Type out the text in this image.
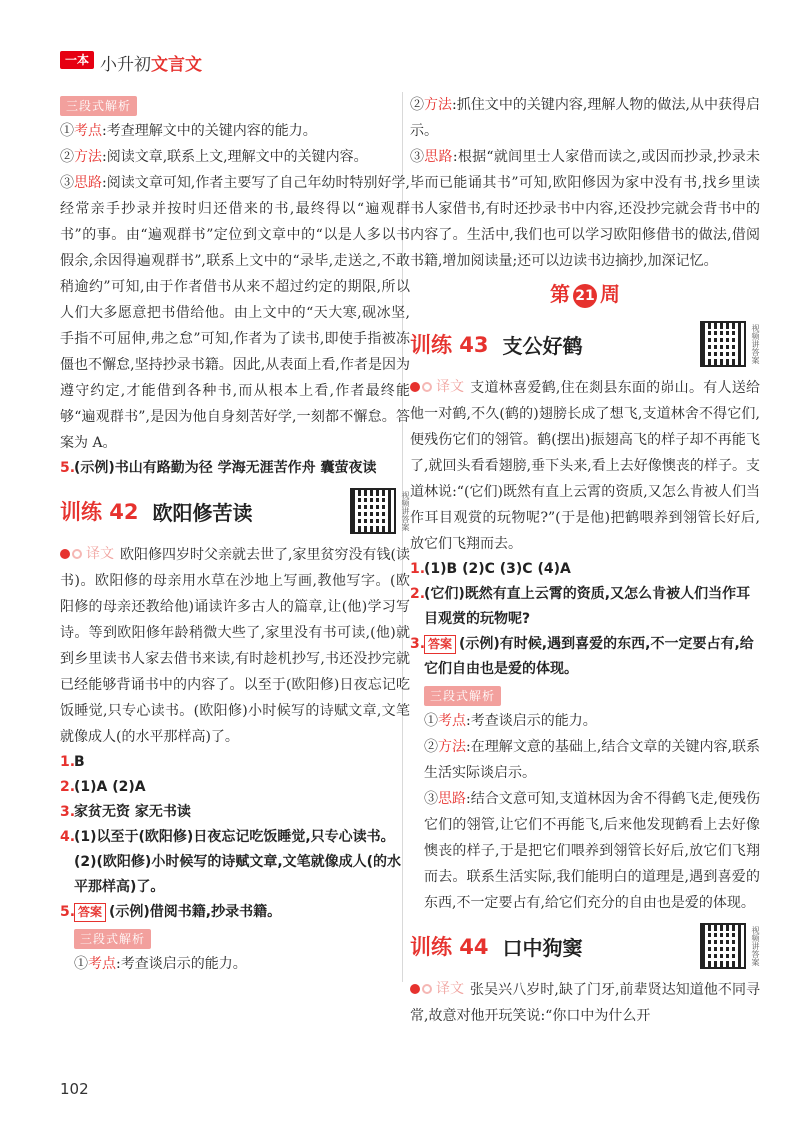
一本 小升初文言文
三段式解析

①考点:考查理解文中的关键内容的能力。

②方法:阅读文章,联系上文,理解文中的关键内容。

③思路:阅读文章可知,作者主要写了自己年幼时特别好学,经常亲手抄录并按时归还借来的书,最终得以“遍观群书”的事。由“遍观群书”定位到文章中的“以是人多以书假余,余因得遍观群书”,联系上文中的“录毕,走送之,不敢稍逾约”可知,由于作者借书从来不超过约定的期限,所以人们大多愿意把书借给他。由上文中的“天大寒,砚冰坚,手指不可屈伸,弗之怠”可知,作者为了读书,即使手指被冻僵也不懈怠,坚持抄录书籍。因此,从表面上看,作者是因为遵守约定,才能借到各种书,而从根本上看,作者最终能够“遍观群书”,是因为他自身刻苦好学,一刻都不懈怠。答案为 A。

5.
(示例)书山有路勤为径 学海无涯苦作舟 囊萤夜读
训练 42 欧阳修苦读	视频讲答案

译文 欧阳修四岁时父亲就去世了,家里贫穷没有钱(读书)。欧阳修的母亲用水草在沙地上写画,教他写字。(欧阳修的母亲还教给他)诵读许多古人的篇章,让(他)学习写诗。等到欧阳修年龄稍微大些了,家里没有书可读,(他)就到乡里读书人家去借书来读,有时趁机抄写,书还没抄完就已经能够背诵书中的内容了。以至于(欧阳修)日夜忘记吃饭睡觉,只专心读书。(欧阳修)小时候写的诗赋文章,文笔就像成人(的水平那样高)了。

1.
B
2.
(1)A (2)A
3.
家贫无资 家无书读
4.
(1)以至于(欧阳修)日夜忘记吃饭睡觉,只专心读书。
(2)(欧阳修)小时候写的诗赋文章,文笔就像成人(的水平那样高)了。
5. 答案 (示例)借阅书籍,抄录书籍。
三段式解析

①考点:考查谈启示的能力。

②方法:抓住文中的关键内容,理解人物的做法,从中获得启示。

③思路:根据“就闾里士人家借而读之,或因而抄录,抄录未毕而已能诵其书”可知,欧阳修因为家中没有书,找乡里读书人家借书,有时还抄录书中内容,还没抄完就会背书中的内容了。生活中,我们也可以学习欧阳修借书的做法,借阅书籍,增加阅读量;还可以边读书边摘抄,加深记忆。

第 21 周
训练 43 支公好鹤	视频讲答案

译文 支道林喜爱鹤,住在剡县东面的峁山。有人送给他一对鹤,不久(鹤的)翅膀长成了想飞,支道林舍不得它们,便残伤它们的翎管。鹤(摆出)振翅高飞的样子却不再能飞了,就回头看看翅膀,垂下头来,看上去好像懊丧的样子。支道林说:“(它们)既然有直上云霄的资质,又怎么肯被人们当作耳目观赏的玩物呢?”(于是他)把鹤喂养到翎管长好后,放它们飞翔而去。

1.
(1)B (2)C (3)C (4)A
2.
(它们)既然有直上云霄的资质,又怎么肯被人们当作耳目观赏的玩物呢?
3. 答案 (示例)有时候,遇到喜爱的东西,不一定要占有,给它们自由也是爱的体现。
三段式解析

①考点:考查谈启示的能力。

②方法:在理解文意的基础上,结合文章的关键内容,联系生活实际谈启示。

③思路:结合文意可知,支道林因为舍不得鹤飞走,便残伤它们的翎管,让它们不再能飞,后来他发现鹤看上去好像懊丧的样子,于是把它们喂养到翎管长好后,放它们飞翔而去。联系生活实际,我们能明白的道理是,遇到喜爱的东西,不一定要占有,给它们充分的自由也是爱的体现。

训练 44 口中狗窦	视频讲答案

译文 张吴兴八岁时,缺了门牙,前辈贤达知道他不同寻常,故意对他开玩笑说:“你口中为什么开

102
